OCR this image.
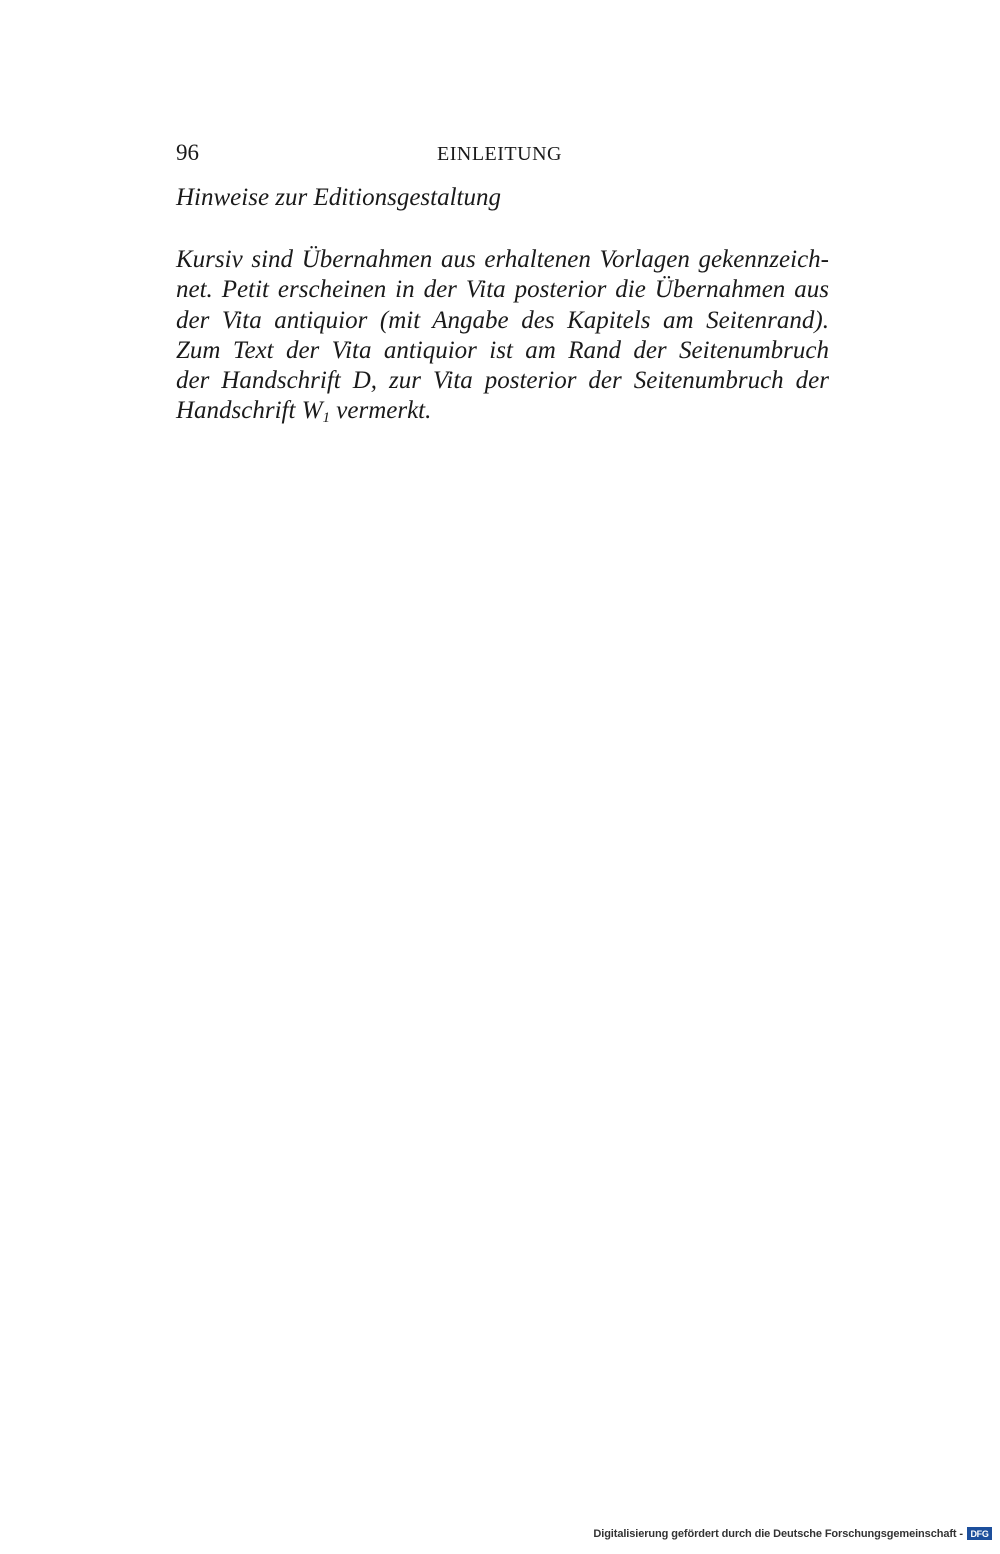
96	EINLEITUNG
Hinweise zur Editionsgestaltung
Kursiv sind Übernahmen aus erhaltenen Vorlagen gekennzeich-
net. Petit erscheinen in der Vita posterior die Übernahmen aus
der Vita antiquior (mit Angabe des Kapitels am Seitenrand).
Zum Text der Vita antiquior ist am Rand der Seitenumbruch
der Handschrift D, zur Vita posterior der Seitenumbruch der
Handschrift $W_1$ vermerkt.
Digitalisierung gefördert durch die Deutsche Forschungsgemeinschaft - DFG
